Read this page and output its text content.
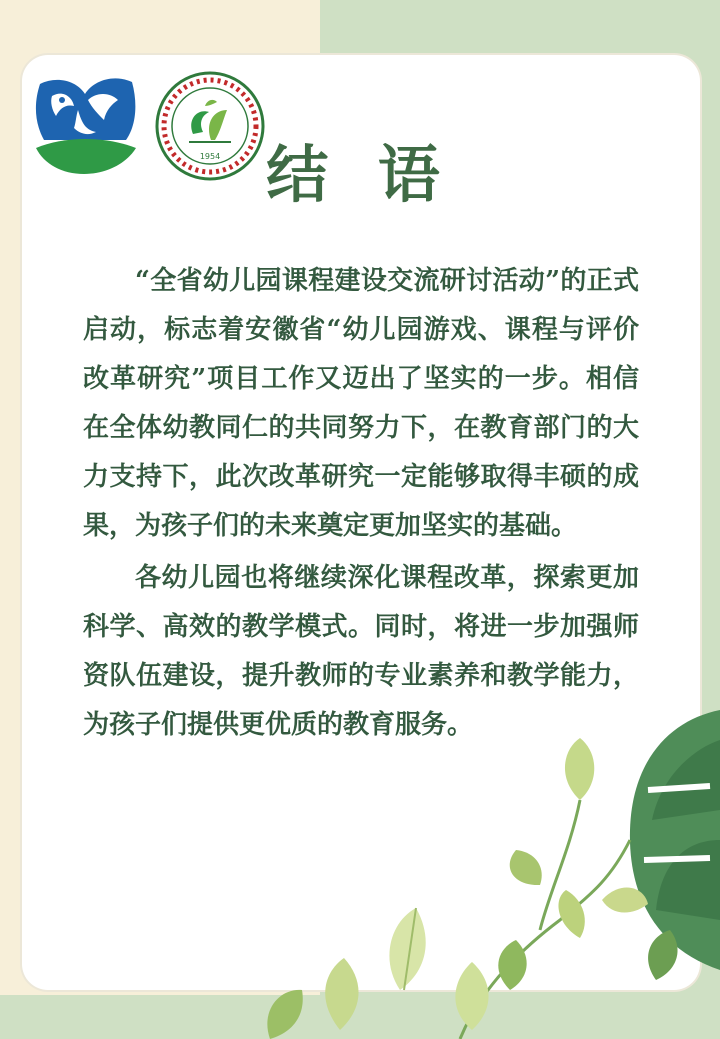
1954 结 语

“全省幼儿园课程建设交流研讨活动”的正式启动，标志着安徽省“幼儿园游戏、课程与评价改革研究”项目工作又迈出了坚实的一步。相信在全体幼教同仁的共同努力下，在教育部门的大力支持下，此次改革研究一定能够取得丰硕的成果，为孩子们的未来奠定更加坚实的基础。

各幼儿园也将继续深化课程改革，探索更加科学、高效的教学模式。同时，将进一步加强师资队伍建设，提升教师的专业素养和教学能力，为孩子们提供更优质的教育服务。
